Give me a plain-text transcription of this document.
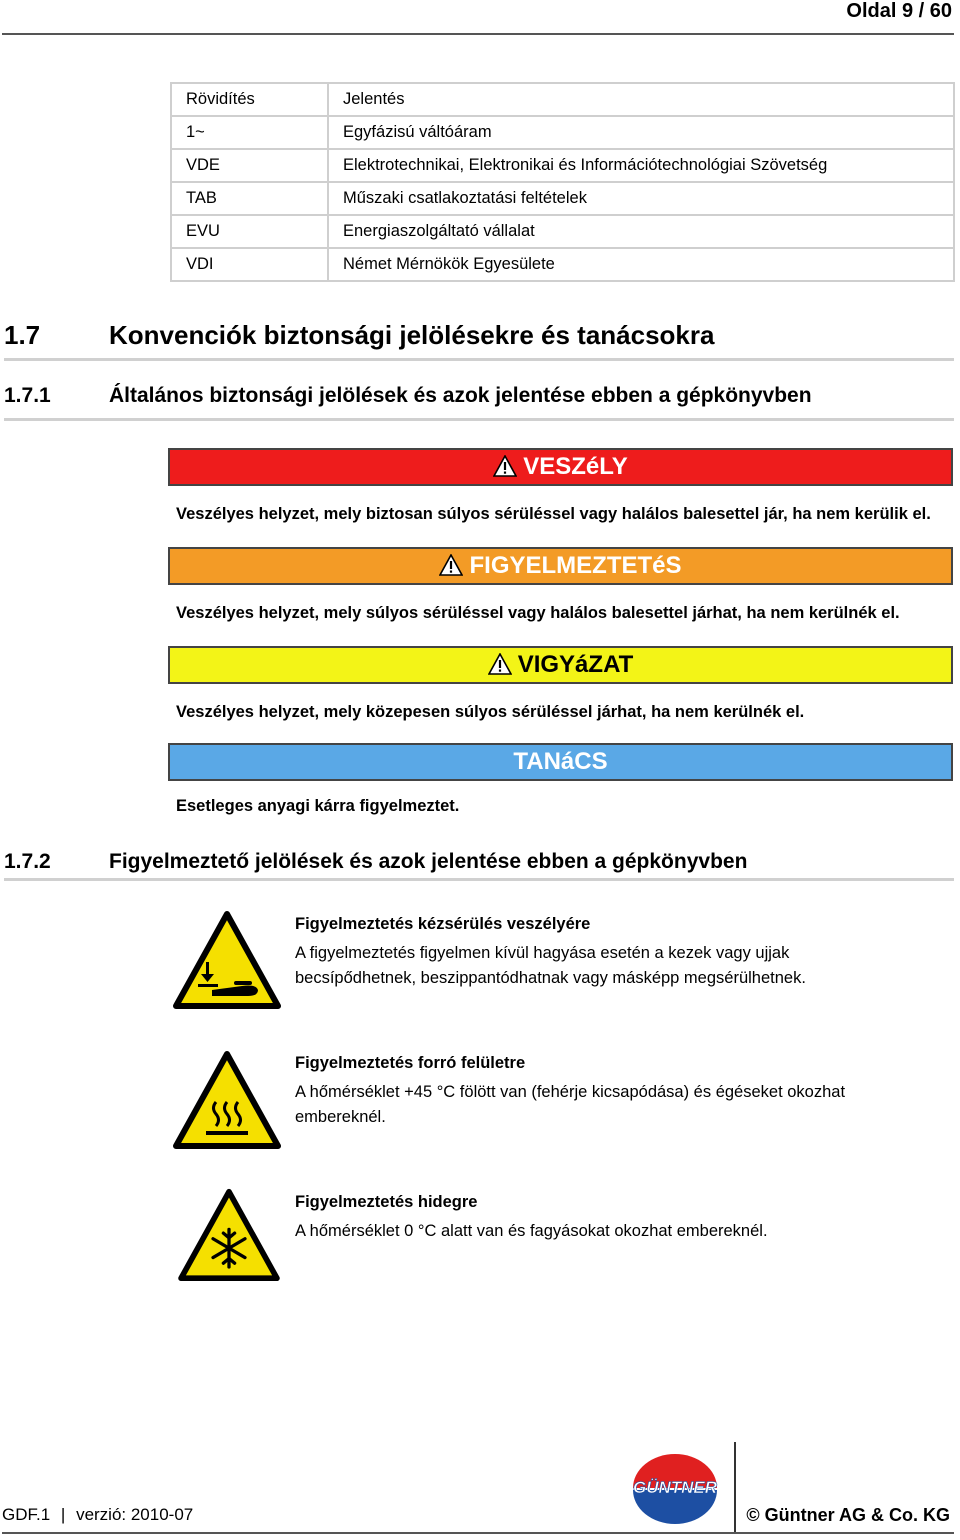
Oldal 9 / 60
Rövidítés	Jelentés
1~	Egyfázisú váltóáram
VDE	Elektrotechnikai, Elektronikai és Információtechnológiai Szövetség
TAB	Műszaki csatlakoztatási feltételek
EVU	Energiaszolgáltató vállalat
VDI	Német Mérnökök Egyesülete
1.7	Konvenciók biztonsági jelölésekre és tanácsokra
1.7.1	Általános biztonsági jelölések és azok jelentése ebben a gépkönyvben
VESZéLY
Veszélyes helyzet, mely biztosan súlyos sérüléssel vagy halálos balesettel jár, ha nem kerülik el.
FIGYELMEZTETéS
Veszélyes helyzet, mely súlyos sérüléssel vagy halálos balesettel járhat, ha nem kerülnék el.
VIGYáZAT
Veszélyes helyzet, mely közepesen súlyos sérüléssel járhat, ha nem kerülnék el.
TANáCS
Esetleges anyagi kárra figyelmeztet.
1.7.2	Figyelmeztető jelölések és azok jelentése ebben a gépkönyvben
Figyelmeztetés kézsérülés veszélyére
A figyelmeztetés figyelmen kívül hagyása esetén a kezek vagy ujjak becsípődhetnek, beszippantódhatnak vagy másképp megsérülhetnek.
Figyelmeztetés forró felületre
A hőmérséklet +45 °C fölött van (fehérje kicsapódása) és égéseket okozhat embereknél.
Figyelmeztetés hidegre
A hőmérséklet 0 °C alatt van és fagyásokat okozhat embereknél.
GÜNTNER
GDF.1 | verzió: 2010-07	© Güntner AG & Co. KG
